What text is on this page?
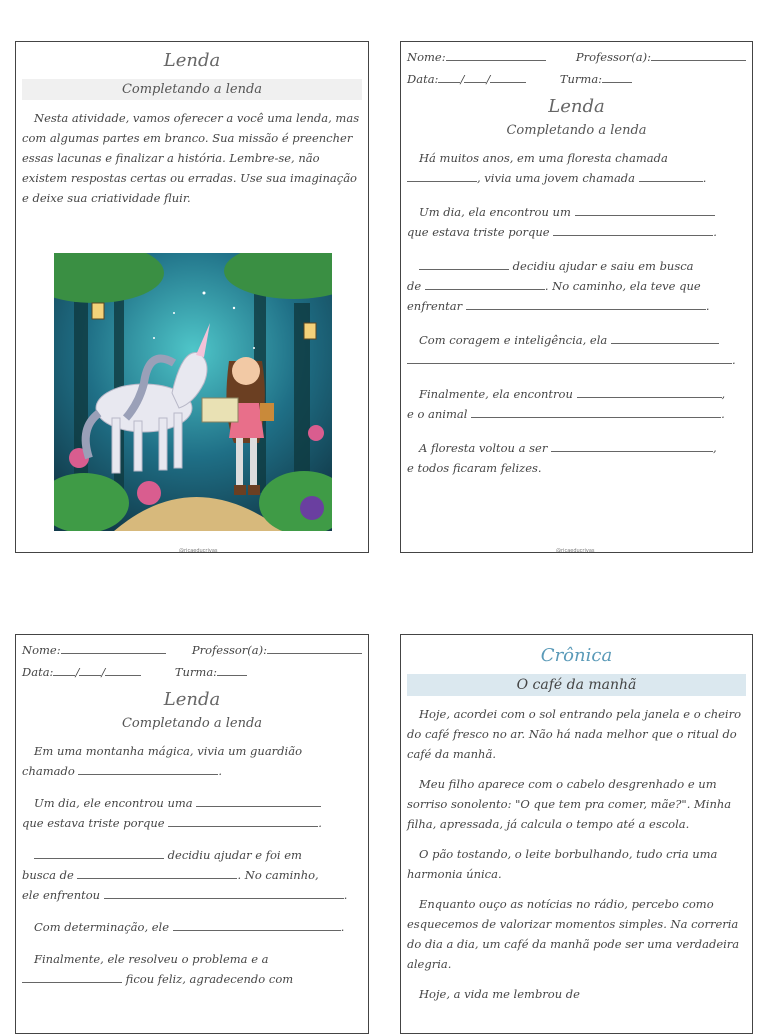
Lenda
Completando a lenda

Nesta atividade, vamos oferecer a você uma lenda, mas com algumas partes em branco. Sua missão é preencher essas lacunas e finalizar a história. Lembre-se, não existem respostas certas ou erradas. Use sua imaginação e deixe sua criatividade fluir.

@ricaeducrivas
Nome:	Professor(a):
Data: / /	Turma:
Lenda
Completando a lenda

Há muitos anos, em uma floresta chamada
, vivia uma jovem chamada	.

Um dia, ela encontrou um
que estava triste porque	.

decidiu ajudar e saiu em busca
de	. No caminho, ela teve que
enfrentar	.

Com coragem e inteligência, ela
.

Finalmente, ela encontrou	,
e o animal	.

A floresta voltou a ser	,
e todos ficaram felizes.

@ricaeducrivas
Nome:	Professor(a):
Data: / /	Turma:
Lenda
Completando a lenda

Em uma montanha mágica, vivia um guardião
chamado	.

Um dia, ele encontrou uma
que estava triste porque	.

decidiu ajudar e foi em
busca de	. No caminho,
ele enfrentou	.

Com determinação, ele	.

Finalmente, ele resolveu o problema e a
ficou feliz, agradecendo com

Crônica
O café da manhã

Hoje, acordei com o sol entrando pela janela e o cheiro do café fresco no ar. Não há nada melhor que o ritual do café da manhã.

Meu filho aparece com o cabelo desgrenhado e um sorriso sonolento: "O que tem pra comer, mãe?". Minha filha, apressada, já calcula o tempo até a escola.

O pão tostando, o leite borbulhando, tudo cria uma harmonia única.

Enquanto ouço as notícias no rádio, percebo como esquecemos de valorizar momentos simples. Na correria do dia a dia, um café da manhã pode ser uma verdadeira alegria.

Hoje, a vida me lembrou de
